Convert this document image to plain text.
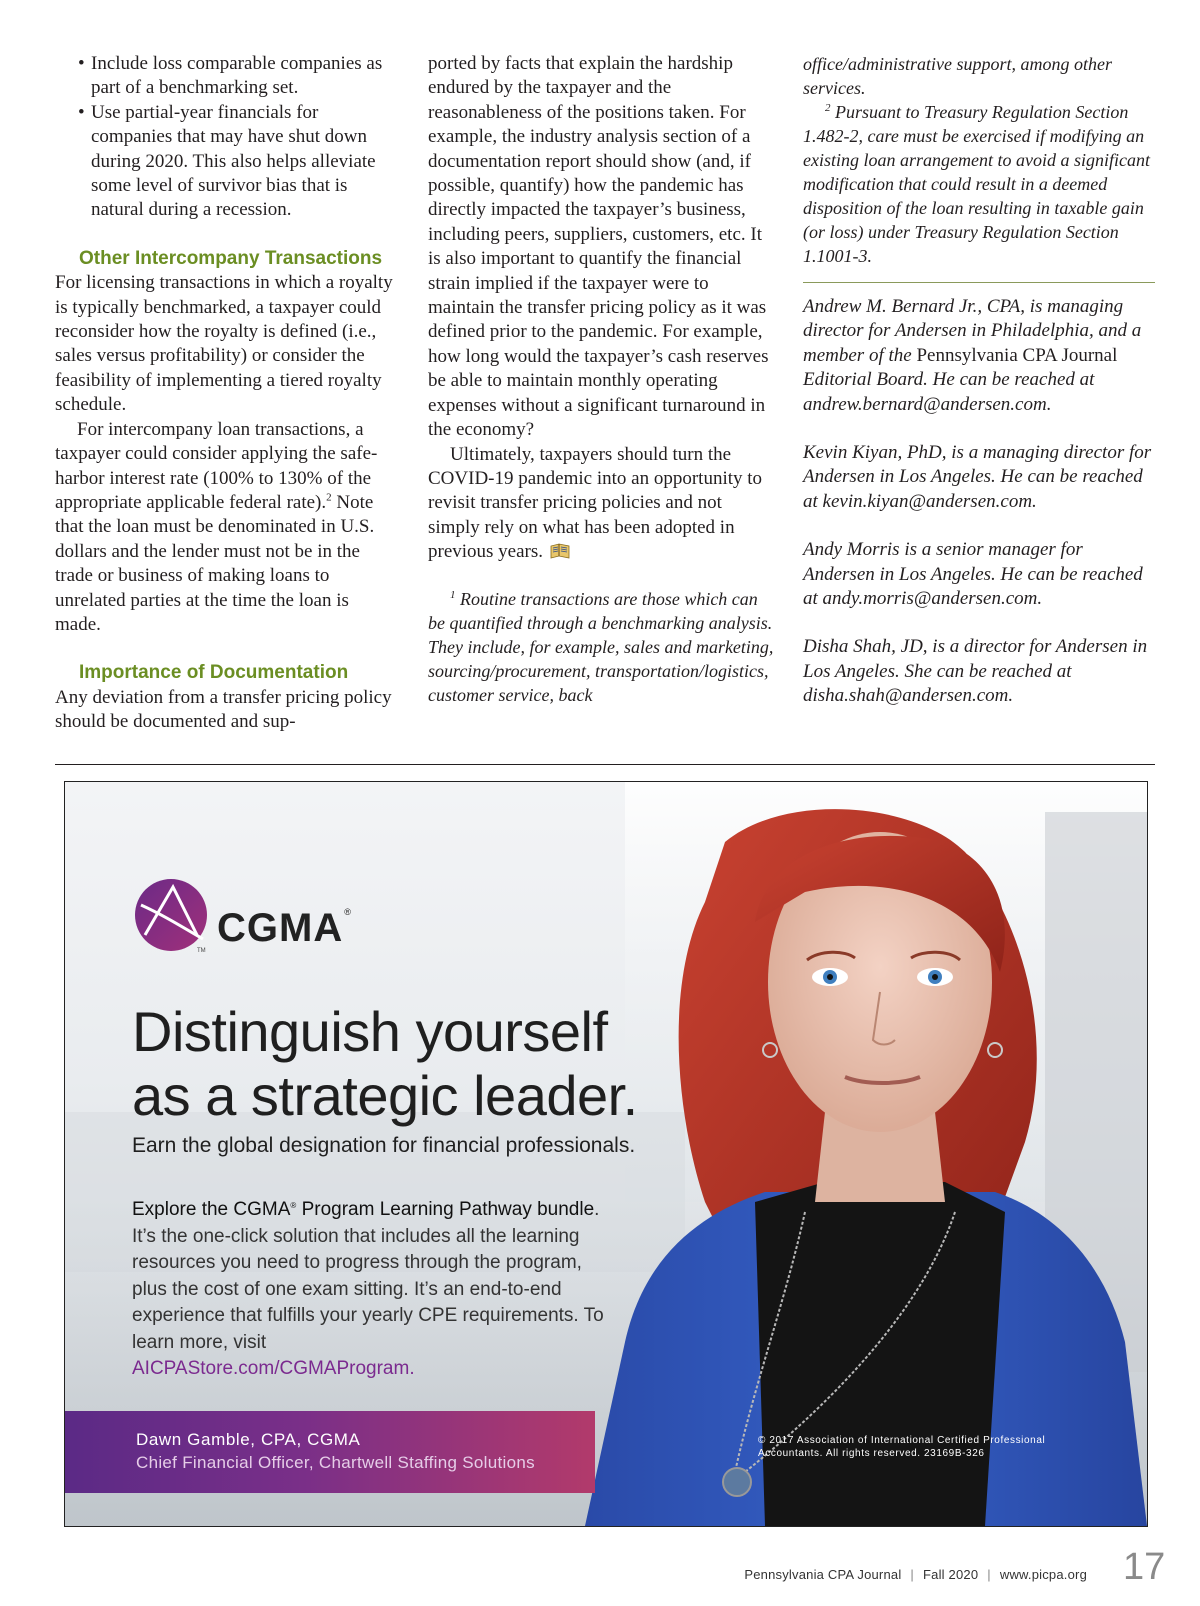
• Include loss comparable companies as part of a benchmarking set.
• Use partial-year financials for companies that may have shut down during 2020. This also helps alleviate some level of survivor bias that is natural during a recession.
Other Intercompany Transactions

For licensing transactions in which a royalty is typically benchmarked, a taxpayer could reconsider how the royalty is defined (i.e., sales versus profitability) or consider the feasibility of implementing a tiered royalty schedule.

For intercompany loan transactions, a taxpayer could consider applying the safe-harbor interest rate (100% to 130% of the appropriate applicable federal rate).$^2$ Note that the loan must be denominated in U.S. dollars and the lender must not be in the trade or business of making loans to unrelated parties at the time the loan is made.

Importance of Documentation

Any deviation from a transfer pricing policy should be documented and sup-

ported by facts that explain the hardship endured by the taxpayer and the reasonableness of the positions taken. For example, the industry analysis section of a documentation report should show (and, if possible, quantify) how the pandemic has directly impacted the taxpayer’s business, including peers, suppliers, customers, etc. It is also important to quantify the financial strain implied if the taxpayer were to maintain the transfer pricing policy as it was defined prior to the pandemic. For example, how long would the taxpayer’s cash reserves be able to maintain monthly operating expenses without a significant turnaround in the economy?

Ultimately, taxpayers should turn the COVID-19 pandemic into an opportunity to revisit transfer pricing policies and not simply rely on what has been adopted in previous years.

$^1$ Routine transactions are those which can be quantified through a benchmarking analysis. They include, for example, sales and marketing, sourcing/procurement, transportation/logistics, customer service, back

office/administrative support, among other services.

$^2$ Pursuant to Treasury Regulation Section 1.482-2, care must be exercised if modifying an existing loan arrangement to avoid a significant modification that could result in a deemed disposition of the loan resulting in taxable gain (or loss) under Treasury Regulation Section 1.1001-3.

Andrew M. Bernard Jr., CPA, is managing director for Andersen in Philadelphia, and a member of the Pennsylvania CPA Journal Editorial Board. He can be reached at andrew.bernard@andersen.com.

Kevin Kiyan, PhD, is a managing director for Andersen in Los Angeles. He can be reached at kevin.kiyan@andersen.com.

Andy Morris is a senior manager for Andersen in Los Angeles. He can be reached at andy.morris@andersen.com.

Disha Shah, JD, is a director for Andersen in Los Angeles. She can be reached at disha.shah@andersen.com.

CGMA®
TM
Distinguish yourself
as a strategic leader.
Earn the global designation for financial professionals.
Explore the CGMA® Program Learning Pathway bundle. It’s the one-click solution that includes all the learning resources you need to progress through the program, plus the cost of one exam sitting. It’s an end-to-end experience that fulfills your yearly CPE requirements. To learn more, visit
AICPAStore.com/CGMAProgram.
Dawn Gamble, CPA, CGMA
Chief Financial Officer, Chartwell Staffing Solutions
© 2017 Association of International Certified Professional Accountants. All rights reserved. 23169B-326
Pennsylvania CPA Journal | Fall 2020 | www.picpa.org 17
